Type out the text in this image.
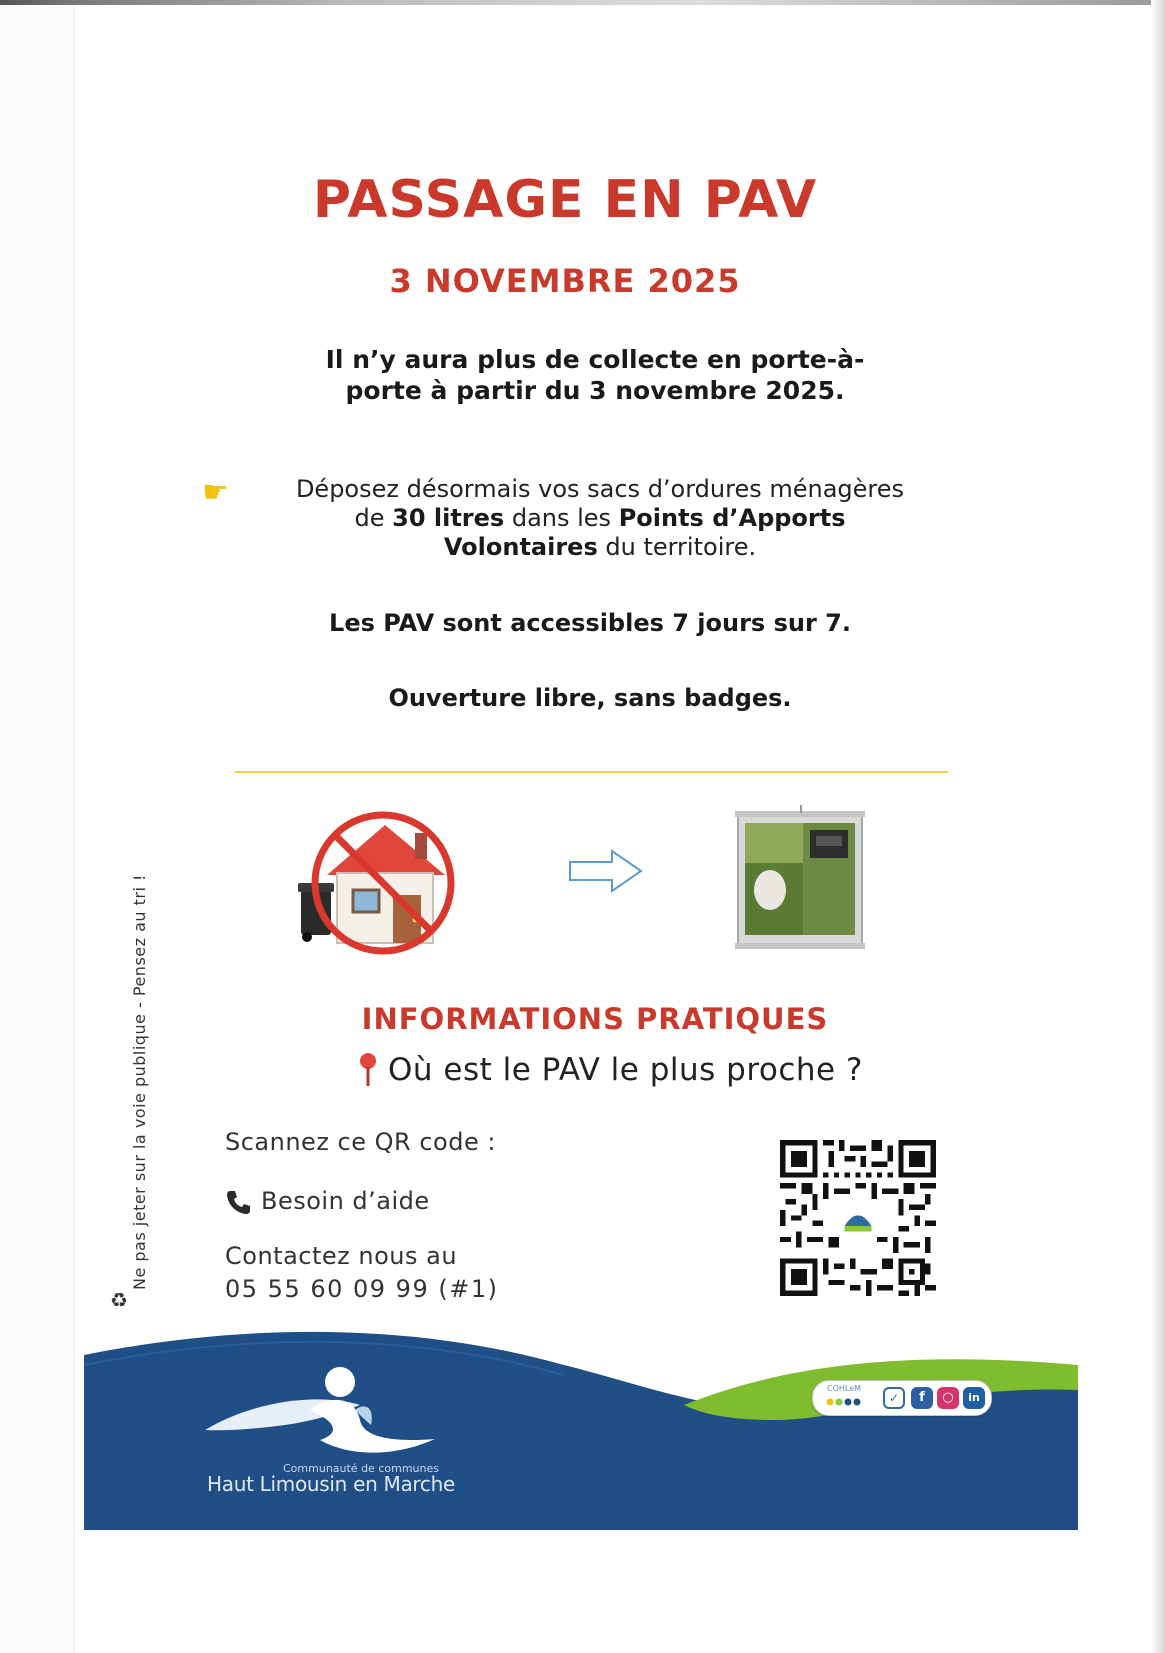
PASSAGE EN PAV
3 NOVEMBRE 2025

Il n’y aura plus de collecte en porte-à-
porte à partir du 3 novembre 2025.

☛	Déposez désormais vos sacs d’ordures ménagères
de 30 litres dans les Points d’Apports
Volontaires du territoire.

Les PAV sont accessibles 7 jours sur 7.

Ouverture libre, sans badges.

♻
Ne pas jeter sur la voie publique - Pensez au tri !	INFORMATIONS PRATIQUES

Où est le PAV le plus proche ?

Scannez ce QR code :

Besoin d’aide

Contactez nous au

05 55 60 09 99 (#1)

Communauté de communes

Haut Limousin en Marche

COHLeM
✓	f	○	in
